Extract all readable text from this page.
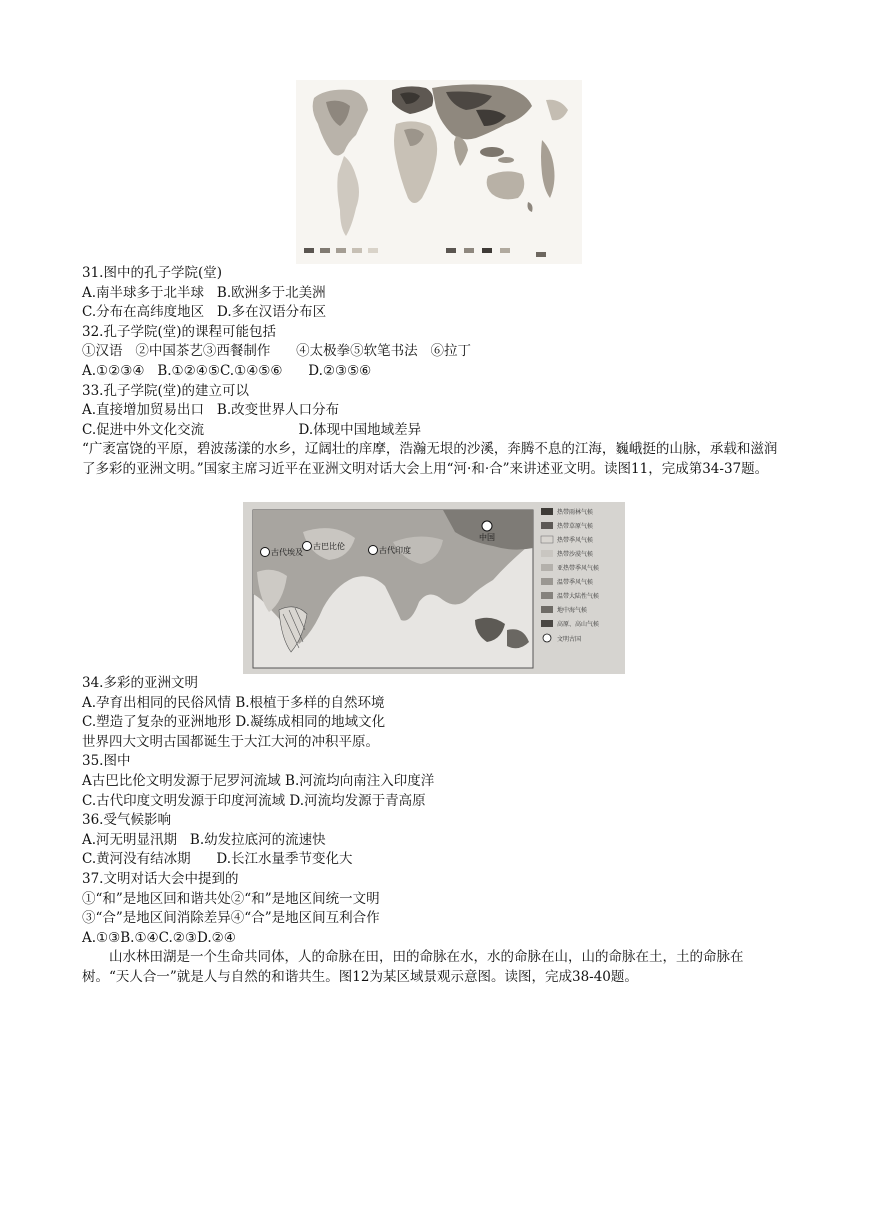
31.图中的孔子学院(堂)
A.南半球多于北半球   B.欧洲多于北美洲
C.分布在高纬度地区   D.多在汉语分布区
32.孔子学院(堂)的课程可能包括
①汉语   ②中国茶艺③西餐制作      ④太极拳⑤软笔书法   ⑥拉丁
A.①②③④   B.①②④⑤C.①④⑤⑥      D.②③⑤⑥
33.孔子学院(堂)的建立可以
A.直接增加贸易出口   B.改变世界人口分布
C.促进中外文化交流                      D.体现中国地域差异
“广袤富饶的平原，碧波荡漾的水乡，辽阔壮的庠摩，浩瀚无垠的沙溪，奔腾不息的江海，巍峨挺的山脉，承载和滋润了多彩的亚洲文明。”国家主席习近平在亚洲文明对话大会上用“河·和·合”来讲述亚文明。读图11，完成第34-37题。
古代埃及
古巴比伦	古代印度
中国
热带雨林气候
热带草原气候
热带季风气候
热带沙漠气候
亚热带季风气候
温带季风气候
温带大陆性气候
地中海气候
高原、高山气候
文明古国
34.多彩的亚洲文明
A.孕育出相同的民俗风情 B.根植于多样的自然环境
C.塑造了复杂的亚洲地形 D.凝练成相同的地域文化
世界四大文明古国都诞生于大江大河的冲积平原。
35.图中
A古巴比伦文明发源于尼罗河流域 B.河流均向南注入印度洋
C.古代印度文明发源于印度河流域 D.河流均发源于青高原
36.受气候影响
A.河无明显汛期   B.幼发拉底河的流速快
C.黄河没有结冰期      D.长江水量季节变化大
37.文明对话大会中提到的
①“和”是地区回和谐共处②“和”是地区间统一文明
③“合”是地区间消除差异④“合”是地区间互利合作
A.①③B.①④C.②③D.②④
山水林田湖是一个生命共同体，人的命脉在田，田的命脉在水，水的命脉在山，山的命脉在土，土的命脉在树。“天人合一”就是人与自然的和谐共生。图12为某区域景观示意图。读图，完成38-40题。
